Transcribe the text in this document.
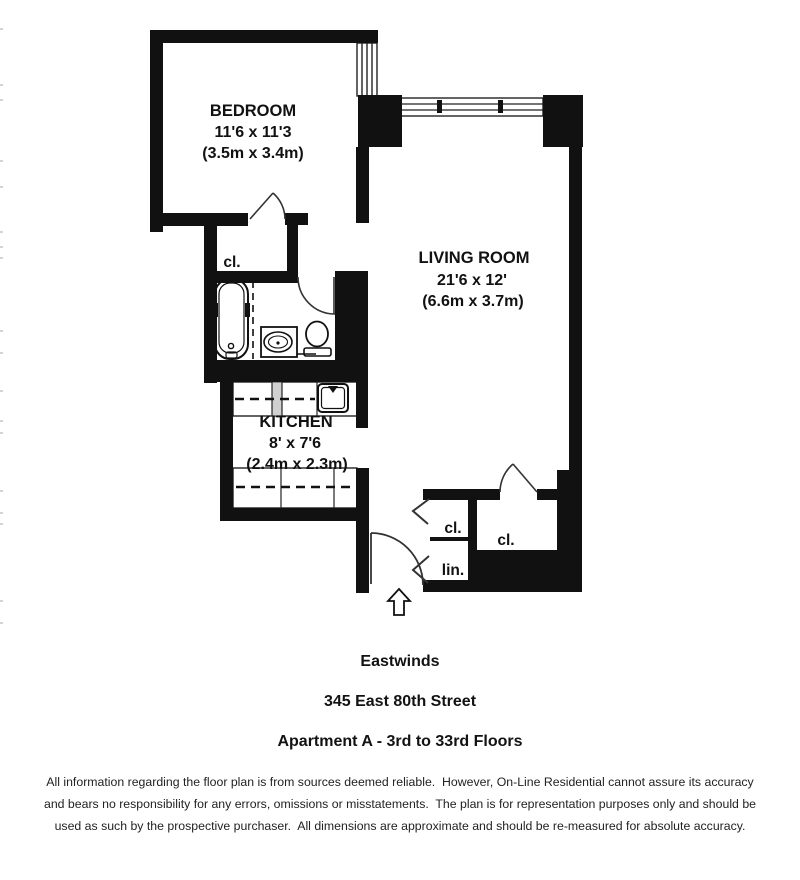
BEDROOM
11'6 x 11'3
(3.5m x 3.4m)
LIVING ROOM
21'6 x 12'
(6.6m x 3.7m)
KITCHEN
8' x 7'6
(2.4m x 2.3m)
cl.
cl.
cl.
lin.
Eastwinds
345 East 80th Street
Apartment A - 3rd to 33rd Floors
All information regarding the floor plan is from sources deemed reliable.  However, On-Line Residential cannot assure its accuracy
and bears no responsibility for any errors, omissions or misstatements.  The plan is for representation purposes only and should be
used as such by the prospective purchaser.  All dimensions are approximate and should be re-measured for absolute accuracy.
